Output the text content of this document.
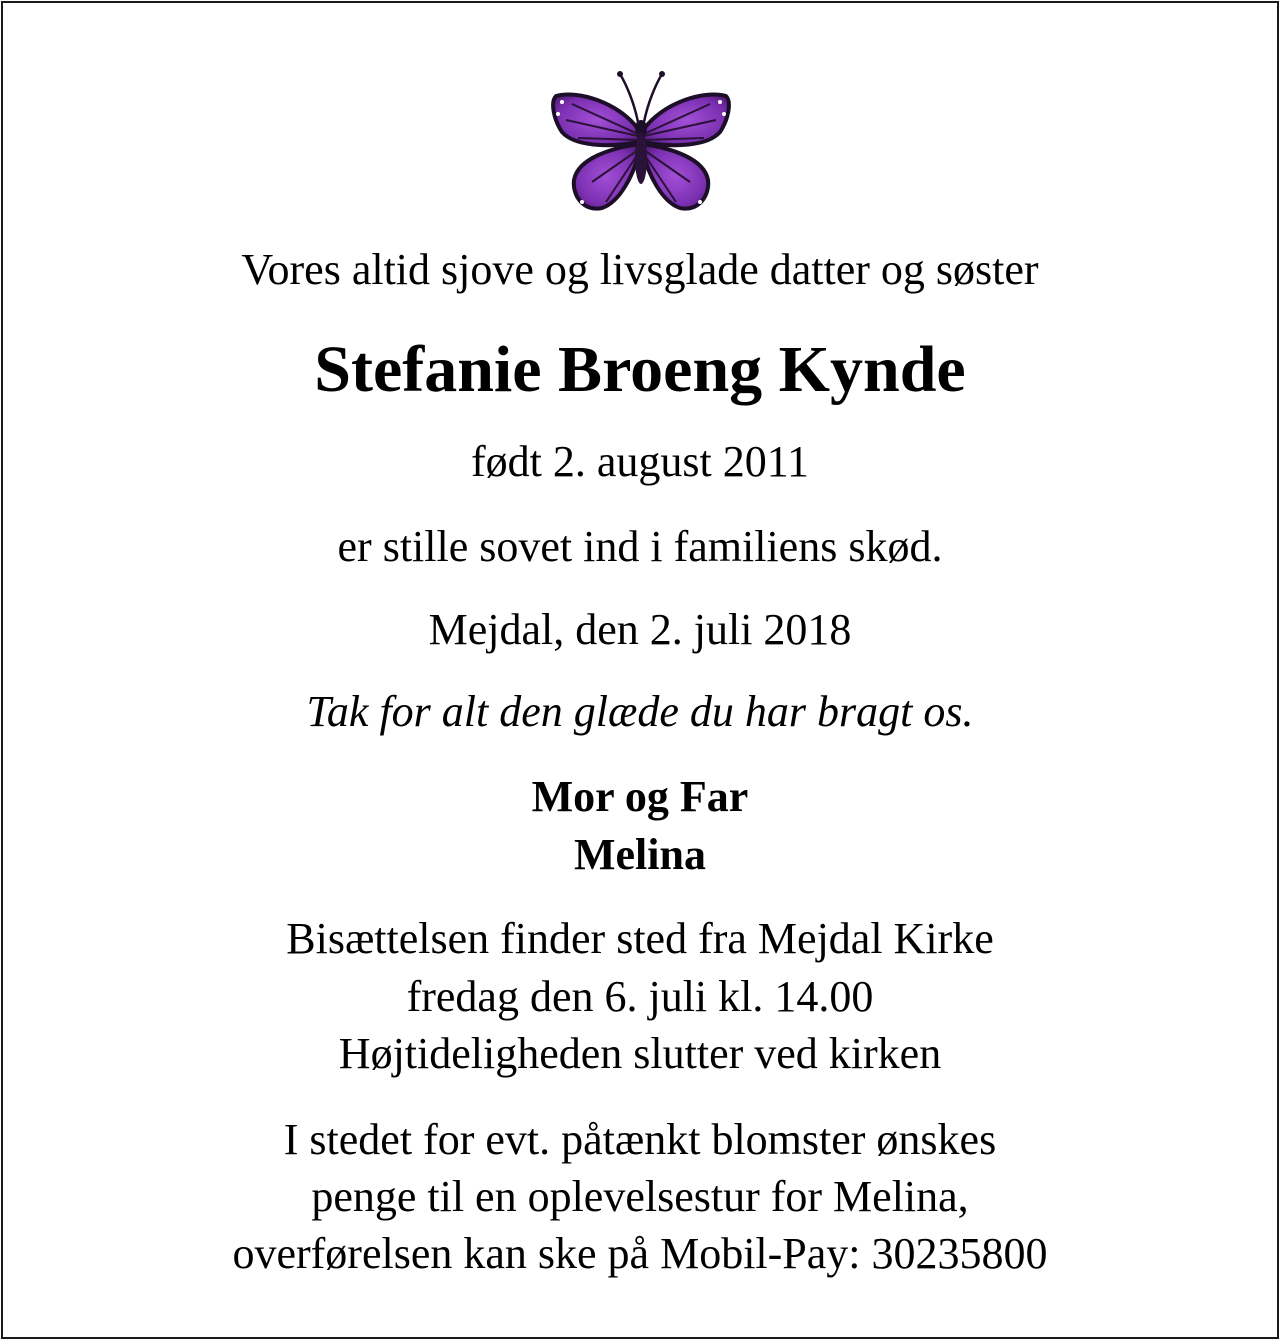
Vores altid sjove og livsglade datter og søster
Stefanie Broeng Kynde
født 2. august 2011
er stille sovet ind i familiens skød.
Mejdal, den 2. juli 2018
Tak for alt den glæde du har bragt os.
Mor og Far
Melina
Bisættelsen finder sted fra Mejdal Kirke
fredag den 6. juli kl. 14.00
Højtideligheden slutter ved kirken
I stedet for evt. påtænkt blomster ønskes
penge til en oplevelsestur for Melina,
overførelsen kan ske på Mobil-Pay: 30235800
